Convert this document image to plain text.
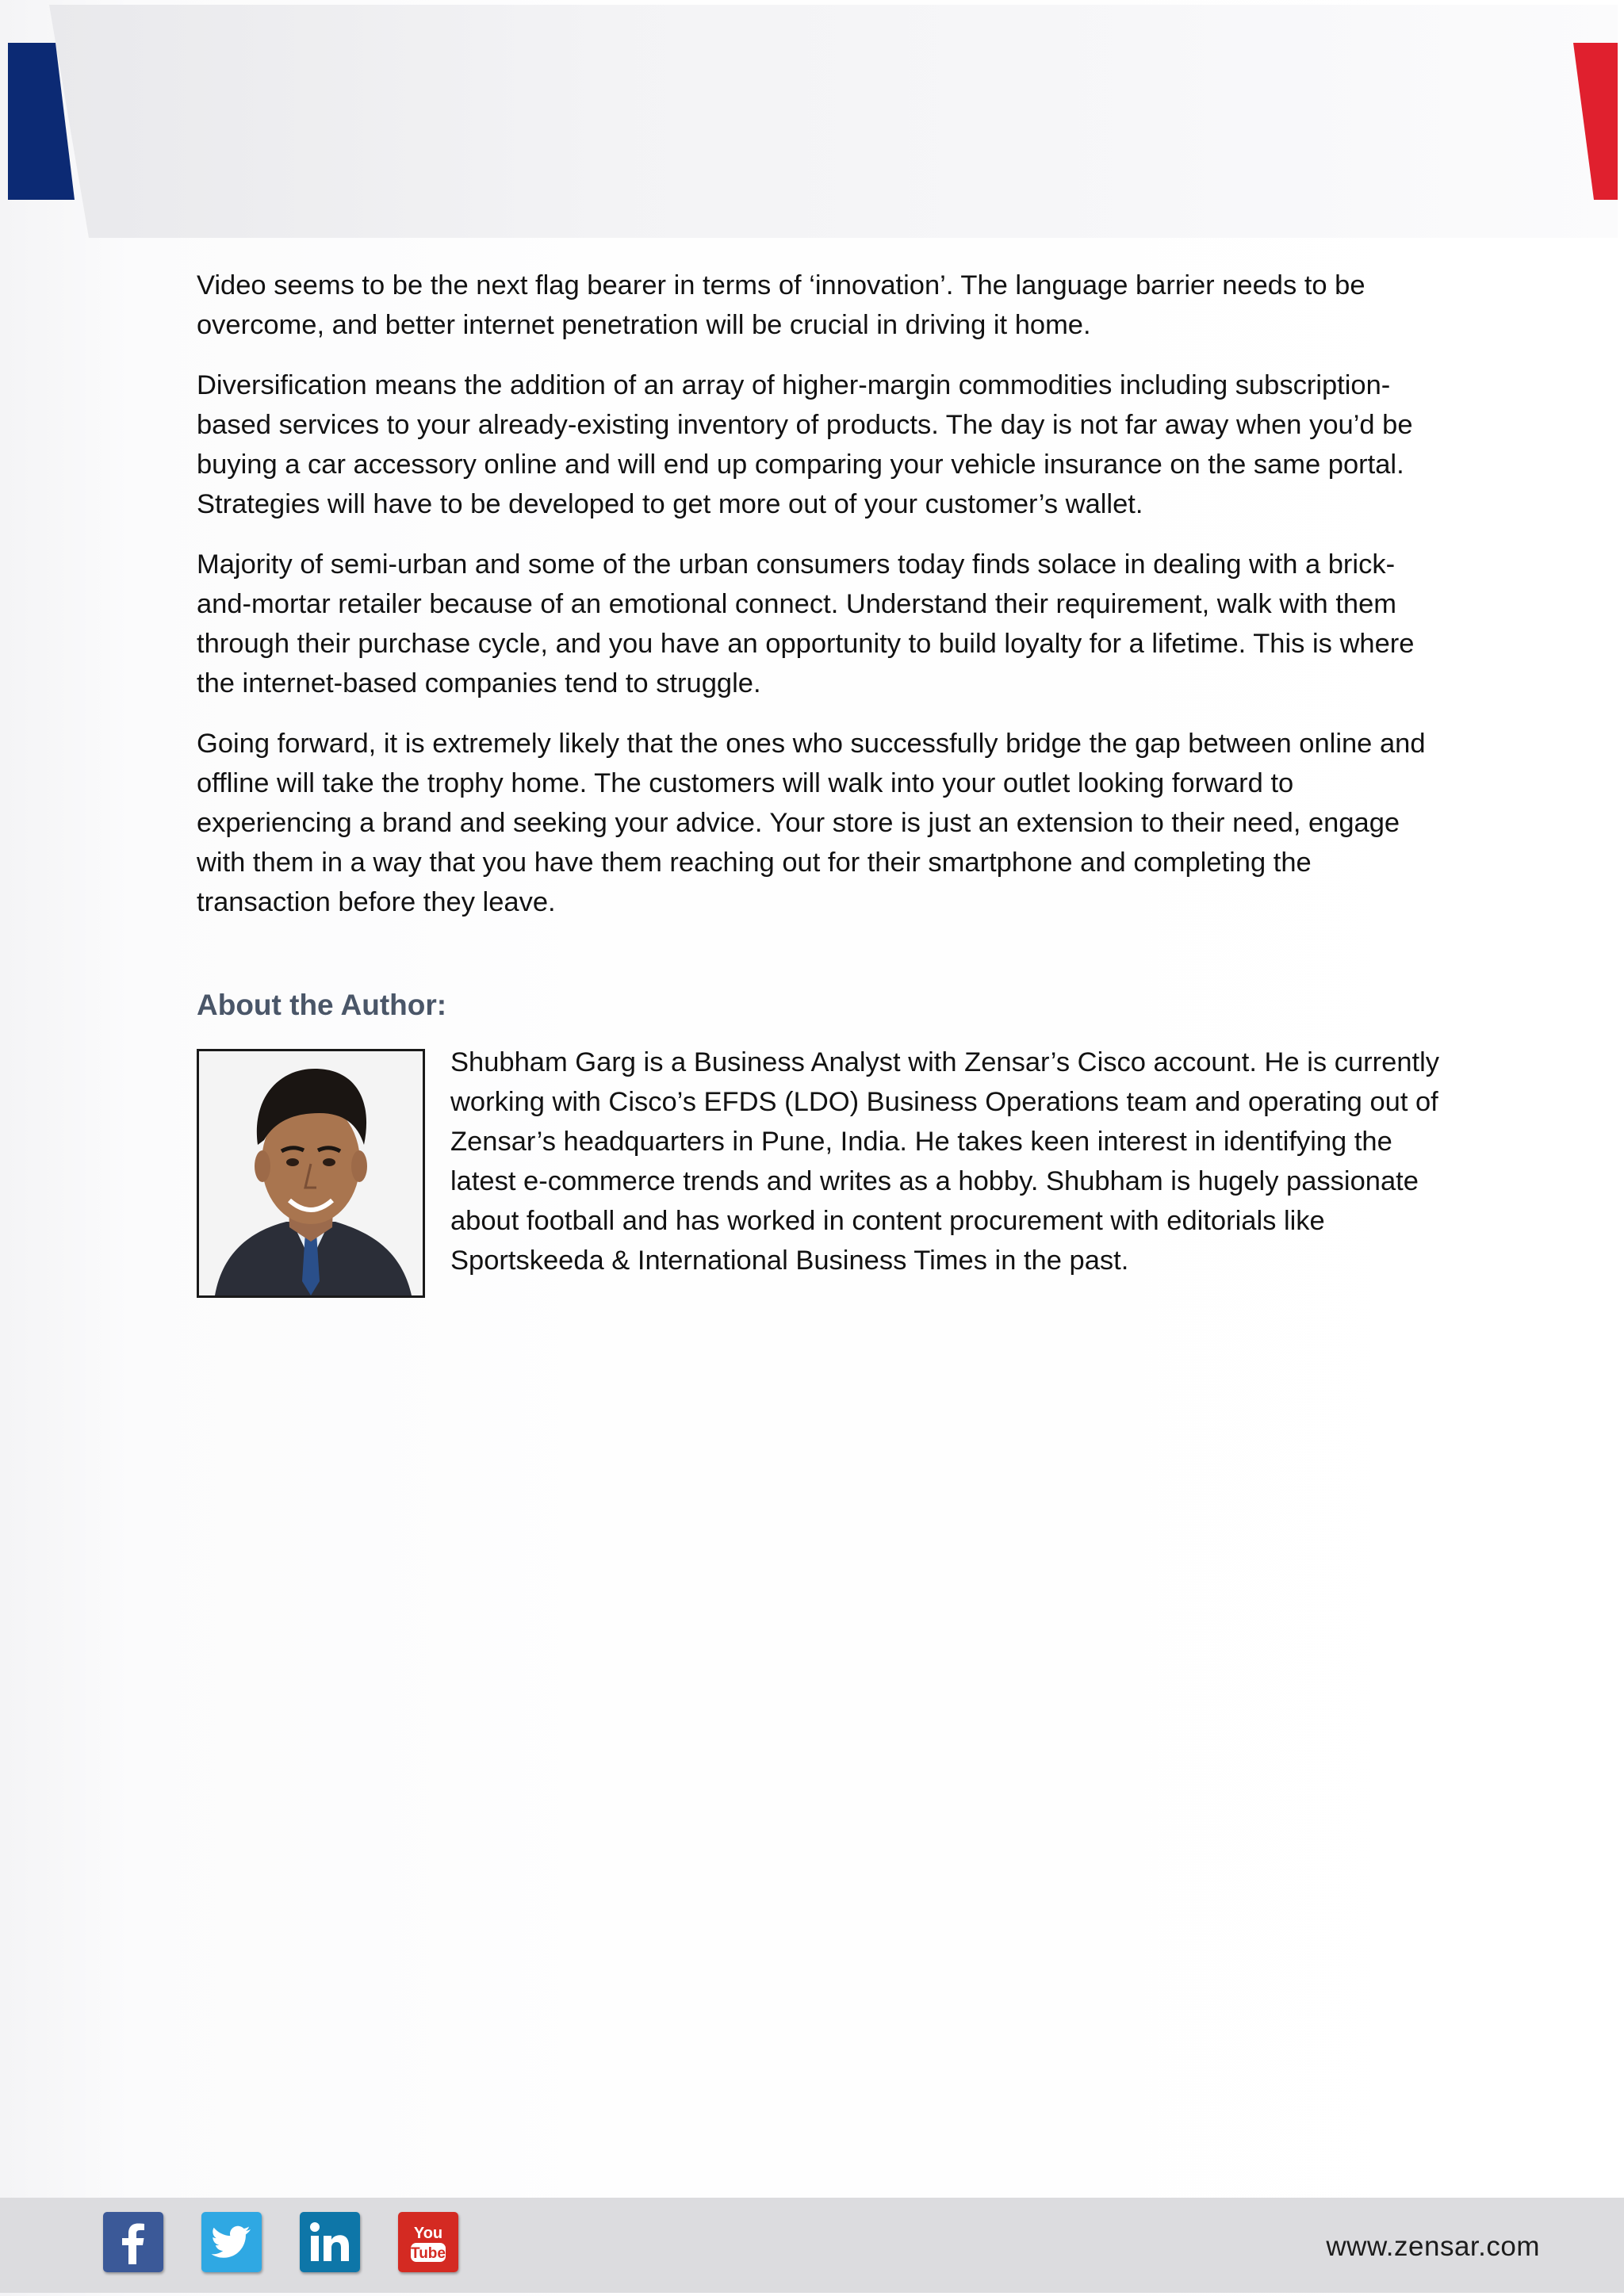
Video seems to be the next flag bearer in terms of ‘innovation’. The language barrier needs to be overcome, and better internet penetration will be crucial in driving it home.

Diversification means the addition of an array of higher-margin commodities including subscription-based services to your already-existing inventory of products. The day is not far away when you’d be buying a car accessory online and will end up comparing your vehicle insurance on the same portal. Strategies will have to be developed to get more out of your customer’s wallet.

Majority of semi-urban and some of the urban consumers today finds solace in dealing with a brick-and-mortar retailer because of an emotional connect. Understand their requirement, walk with them through their purchase cycle, and you have an opportunity to build loyalty for a lifetime. This is where the internet-based companies tend to struggle.

Going forward, it is extremely likely that the ones who successfully bridge the gap between online and offline will take the trophy home. The customers will walk into your outlet looking forward to experiencing a brand and seeking your advice. Your store is just an extension to their need, engage with them in a way that you have them reaching out for their smartphone and completing the transaction before they leave.

About the Author:

Shubham Garg is a Business Analyst with Zensar’s Cisco account. He is currently working with Cisco’s EFDS (LDO) Business Operations team and operating out of Zensar’s headquarters in Pune, India. He takes keen interest in identifying the latest e-commerce trends and writes as a hobby. Shubham is hugely passionate about football and has worked in content procurement with editorials like Sportskeeda & International Business Times in the past.

You
Tube	www.zensar.com
